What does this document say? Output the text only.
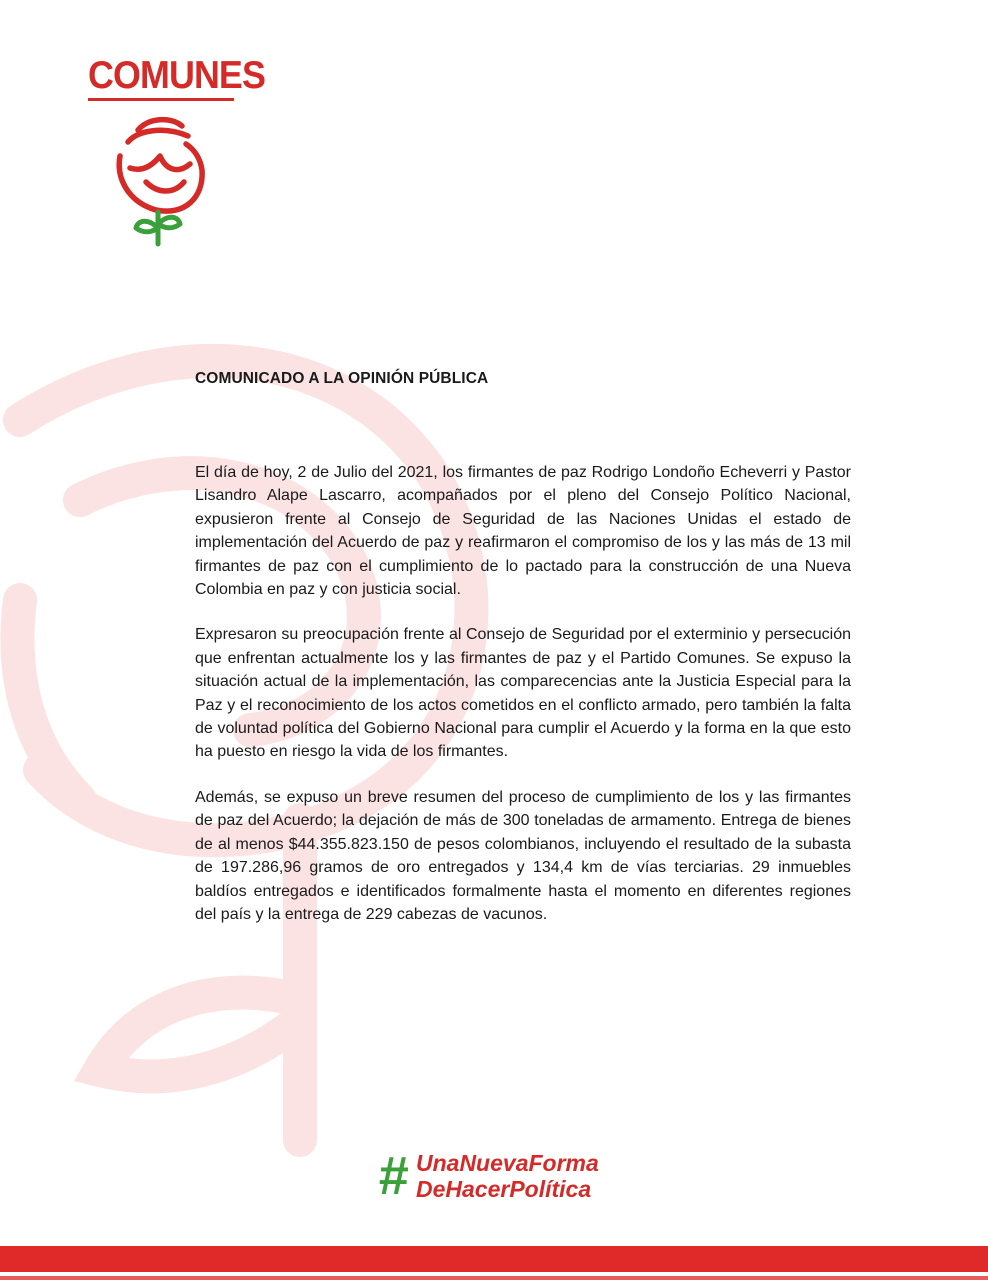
COMUNES
COMUNICADO A LA OPINIÓN PÚBLICA

El día de hoy, 2 de Julio del 2021, los firmantes de paz Rodrigo Londoño Echeverri y Pastor Lisandro Alape Lascarro, acompañados por el pleno del Consejo Político Nacional, expusieron frente al Consejo de Seguridad de las Naciones Unidas el estado de implementación del Acuerdo de paz y reafirmaron el compromiso de los y las más de 13 mil firmantes de paz con el cumplimiento de lo pactado para la construcción de una Nueva Colombia en paz y con justicia social.

Expresaron su preocupación frente al Consejo de Seguridad por el exterminio y persecución que enfrentan actualmente los y las firmantes de paz y el Partido Comunes. Se expuso la situación actual de la implementación, las comparecencias ante la Justicia Especial para la Paz y el reconocimiento de los actos cometidos en el conflicto armado, pero también la falta de voluntad política del Gobierno Nacional para cumplir el Acuerdo y la forma en la que esto ha puesto en riesgo la vida de los firmantes.

Además, se expuso un breve resumen del proceso de cumplimiento de los y las firmantes de paz del Acuerdo; la dejación de más de 300 toneladas de armamento. Entrega de bienes de al menos $44.355.823.150 de pesos colombianos, incluyendo el resultado de la subasta de 197.286,96 gramos de oro entregados y 134,4 km de vías terciarias. 29 inmuebles baldíos entregados e identificados formalmente hasta el momento en diferentes regiones del país y la entrega de 229 cabezas de vacunos.

# UnaNuevaForma
DeHacerPolítica
